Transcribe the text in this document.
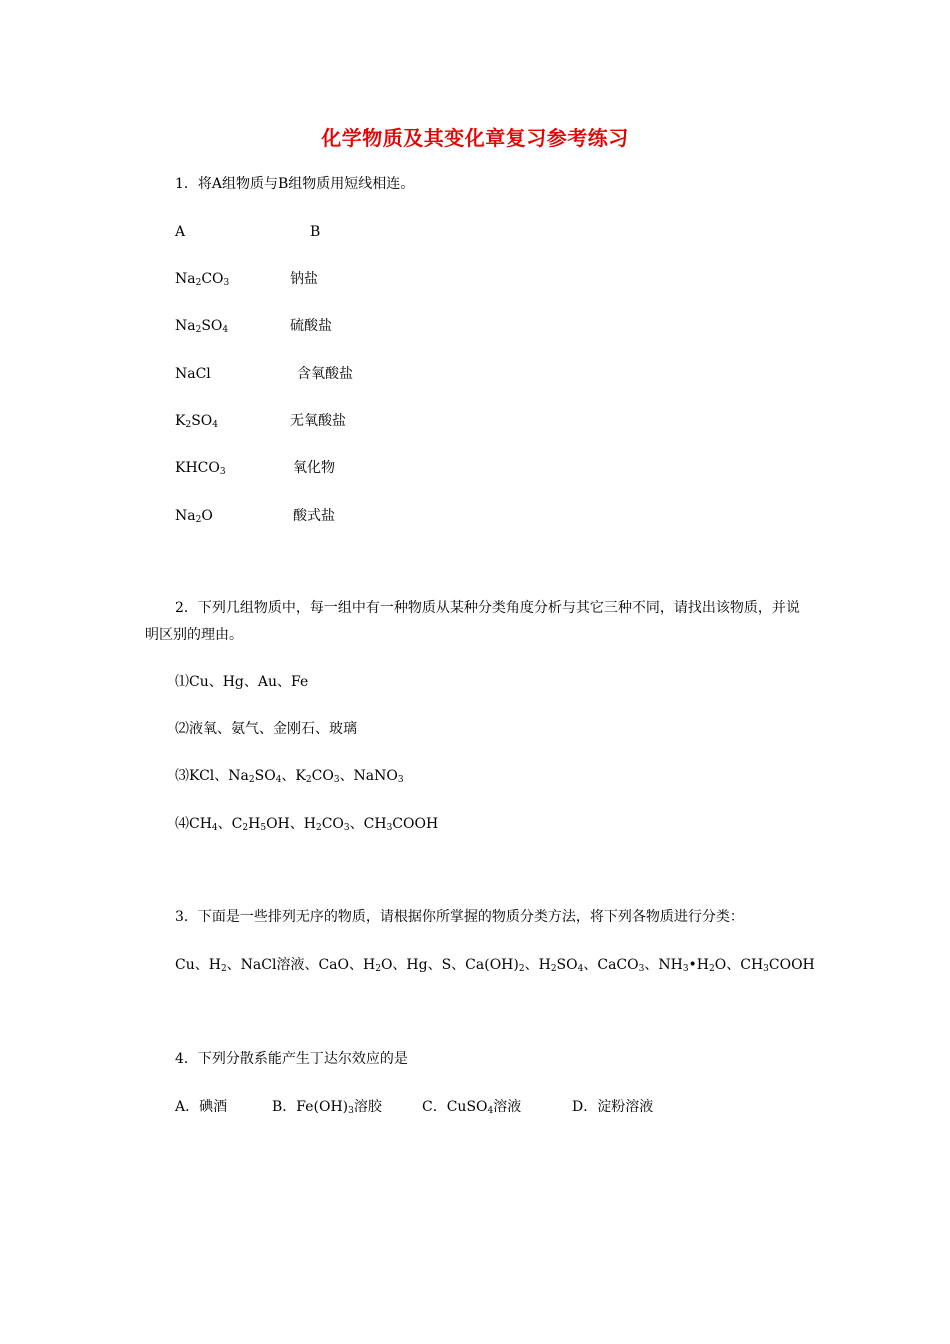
化学物质及其变化章复习参考练习
1．将A组物质与B组物质用短线相连。
A	B
$Na_2CO_3$	钠盐
$Na_2SO_4$	硫酸盐
NaCl	含氧酸盐
$K_2SO_4$	无氧酸盐
$KHCO_3$	氧化物
$Na_2O$	酸式盐
2．下列几组物质中，每一组中有一种物质从某种分类角度分析与其它三种不同，请找出该物质，并说明区别的理由。
⑴Cu、Hg、Au、Fe
⑵液氧、氨气、金刚石、玻璃
⑶KCl、$Na_2SO_4$、$K_2CO_3$、NaNO$_3$
$⑷CH_4$、$C_2H_5OH$、$H_2CO_3$、$CH_3COOH$
3．下面是一些排列无序的物质，请根据你所掌握的物质分类方法，将下列各物质进行分类：
Cu、$H_2$、NaCl溶液、CaO、$H_2O$、Hg、S、$Ca(OH)_2$、$H_2SO_4$、CaCO$_3$、$NH_3•H_2O$、$CH_3COOH$
4．下列分散系能产生丁达尔效应的是
A．碘酒	B．$Fe(OH)_3$溶胶	C．CuSO$_4$溶液	D．淀粉溶液
